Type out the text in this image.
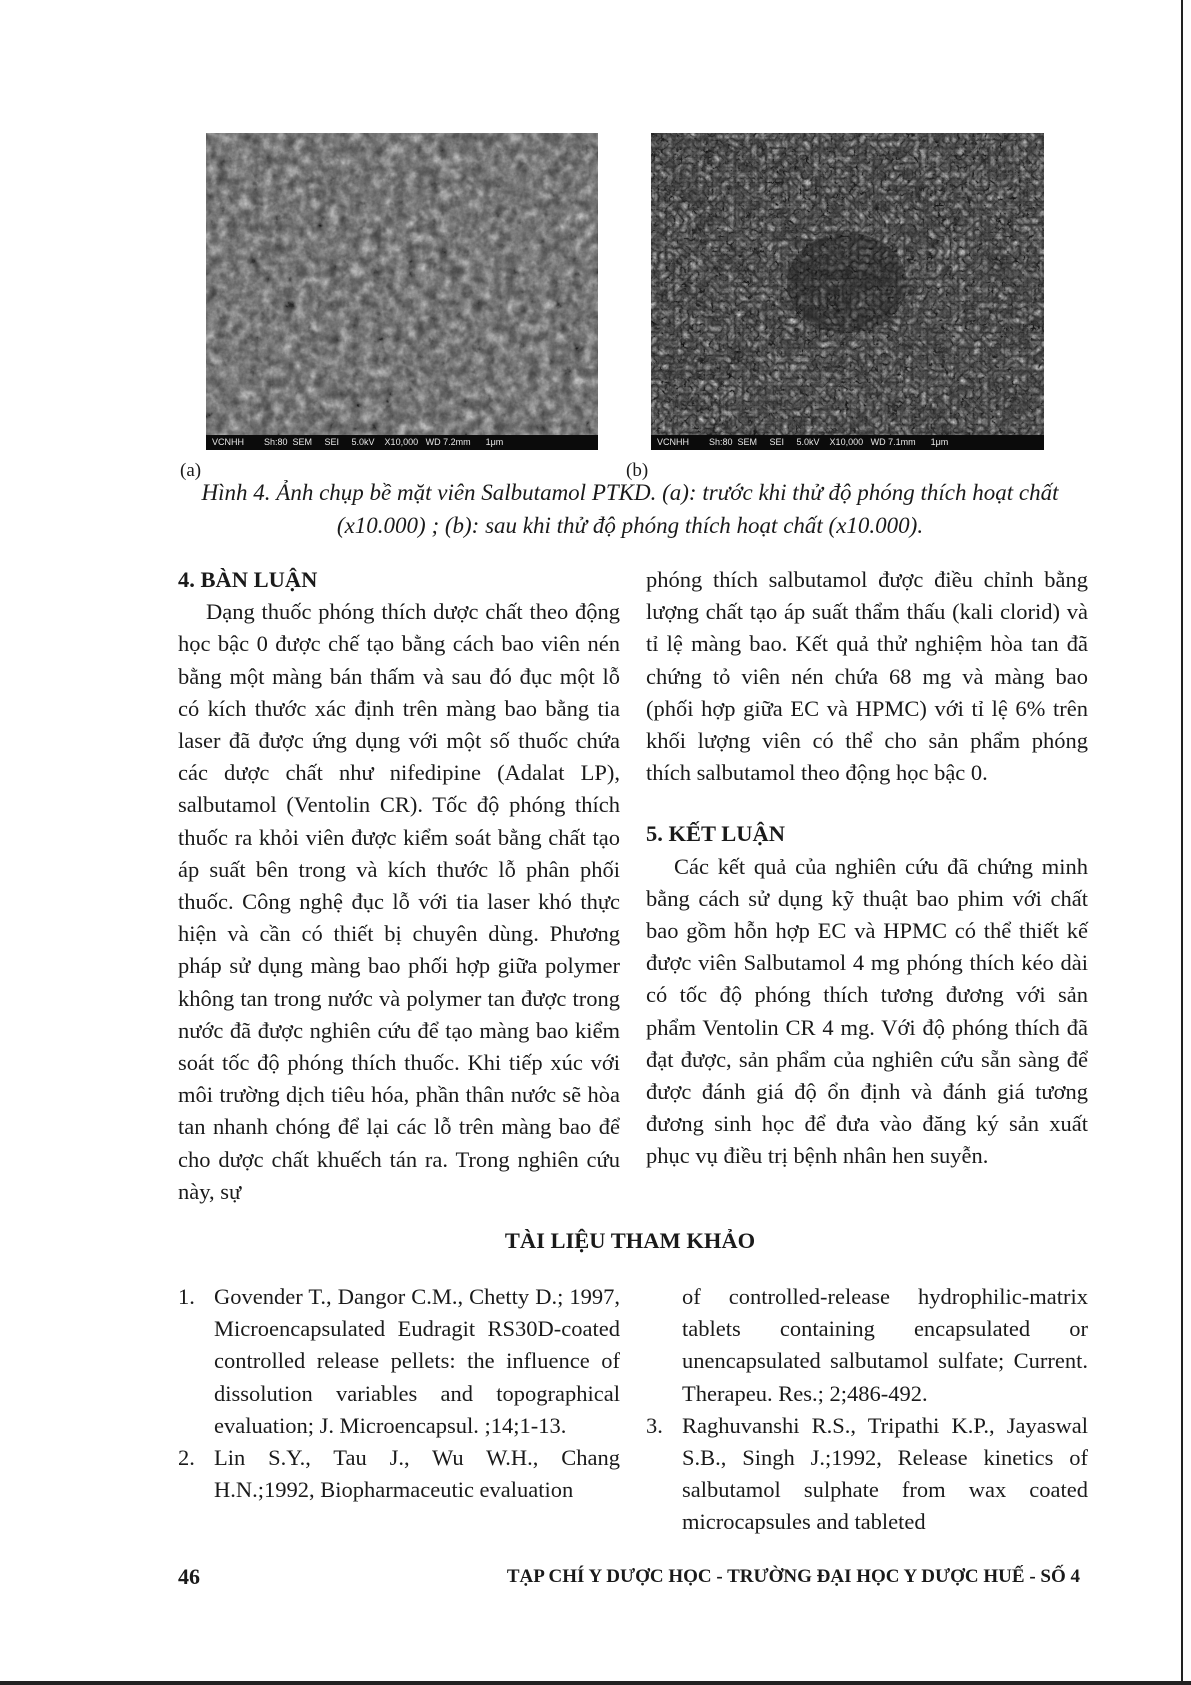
VCNHH        Sh:80  SEM     SEI     5.0kV    X10,000   WD 7.2mm      1μm	VCNHH        Sh:80  SEM     SEI     5.0kV    X10,000   WD 7.1mm      1μm
(a)	(b)
Hình 4. Ảnh chụp bề mặt viên Salbutamol PTKD. (a): trước khi thử độ phóng thích hoạt chất (x10.000) ; (b): sau khi thử độ phóng thích hoạt chất (x10.000).
4. BÀN LUẬN

Dạng thuốc phóng thích dược chất theo động học bậc 0 được chế tạo bằng cách bao viên nén bằng một màng bán thấm và sau đó đục một lỗ có kích thước xác định trên màng bao bằng tia laser đã được ứng dụng với một số thuốc chứa các dược chất như nifedipine (Adalat LP), salbutamol (Ventolin CR). Tốc độ phóng thích thuốc ra khỏi viên được kiểm soát bằng chất tạo áp suất bên trong và kích thước lỗ phân phối thuốc. Công nghệ đục lỗ với tia laser khó thực hiện và cần có thiết bị chuyên dùng. Phương pháp sử dụng màng bao phối hợp giữa polymer không tan trong nước và polymer tan được trong nước đã được nghiên cứu để tạo màng bao kiểm soát tốc độ phóng thích thuốc. Khi tiếp xúc với môi trường dịch tiêu hóa, phần thân nước sẽ hòa tan nhanh chóng để lại các lỗ trên màng bao để cho dược chất khuếch tán ra. Trong nghiên cứu này, sự

phóng thích salbutamol được điều chỉnh bằng lượng chất tạo áp suất thẩm thấu (kali clorid) và tỉ lệ màng bao. Kết quả thử nghiệm hòa tan đã chứng tỏ viên nén chứa 68 mg và màng bao (phối hợp giữa EC và HPMC) với tỉ lệ 6% trên khối lượng viên có thể cho sản phẩm phóng thích salbutamol theo động học bậc 0.

5. KẾT LUẬN

Các kết quả của nghiên cứu đã chứng minh bằng cách sử dụng kỹ thuật bao phim với chất bao gồm hỗn hợp EC và HPMC có thể thiết kế được viên Salbutamol 4 mg phóng thích kéo dài có tốc độ phóng thích tương đương với sản phẩm Ventolin CR 4 mg. Với độ phóng thích đã đạt được, sản phẩm của nghiên cứu sẵn sàng để được đánh giá độ ổn định và đánh giá tương đương sinh học để đưa vào đăng ký sản xuất phục vụ điều trị bệnh nhân hen suyễn.

TÀI LIỆU THAM KHẢO
1. Govender T., Dangor C.M., Chetty D.; 1997, Microencapsulated Eudragit RS30D-coated controlled release pellets: the influence of dissolution variables and topographical evaluation; J. Microencapsul. ;14;1-13.
2. Lin S.Y., Tau J., Wu W.H., Chang H.N.;1992, Biopharmaceutic evaluation
of controlled-release hydrophilic-matrix tablets containing encapsulated or unencapsulated salbutamol sulfate; Current. Therapeu. Res.; 2;486-492.
3. Raghuvanshi R.S., Tripathi K.P., Jayaswal S.B., Singh J.;1992, Release kinetics of salbutamol sulphate from wax coated microcapsules and tableted
46	TẠP CHÍ Y DƯỢC HỌC - TRƯỜNG ĐẠI HỌC Y DƯỢC HUẾ - SỐ 4
